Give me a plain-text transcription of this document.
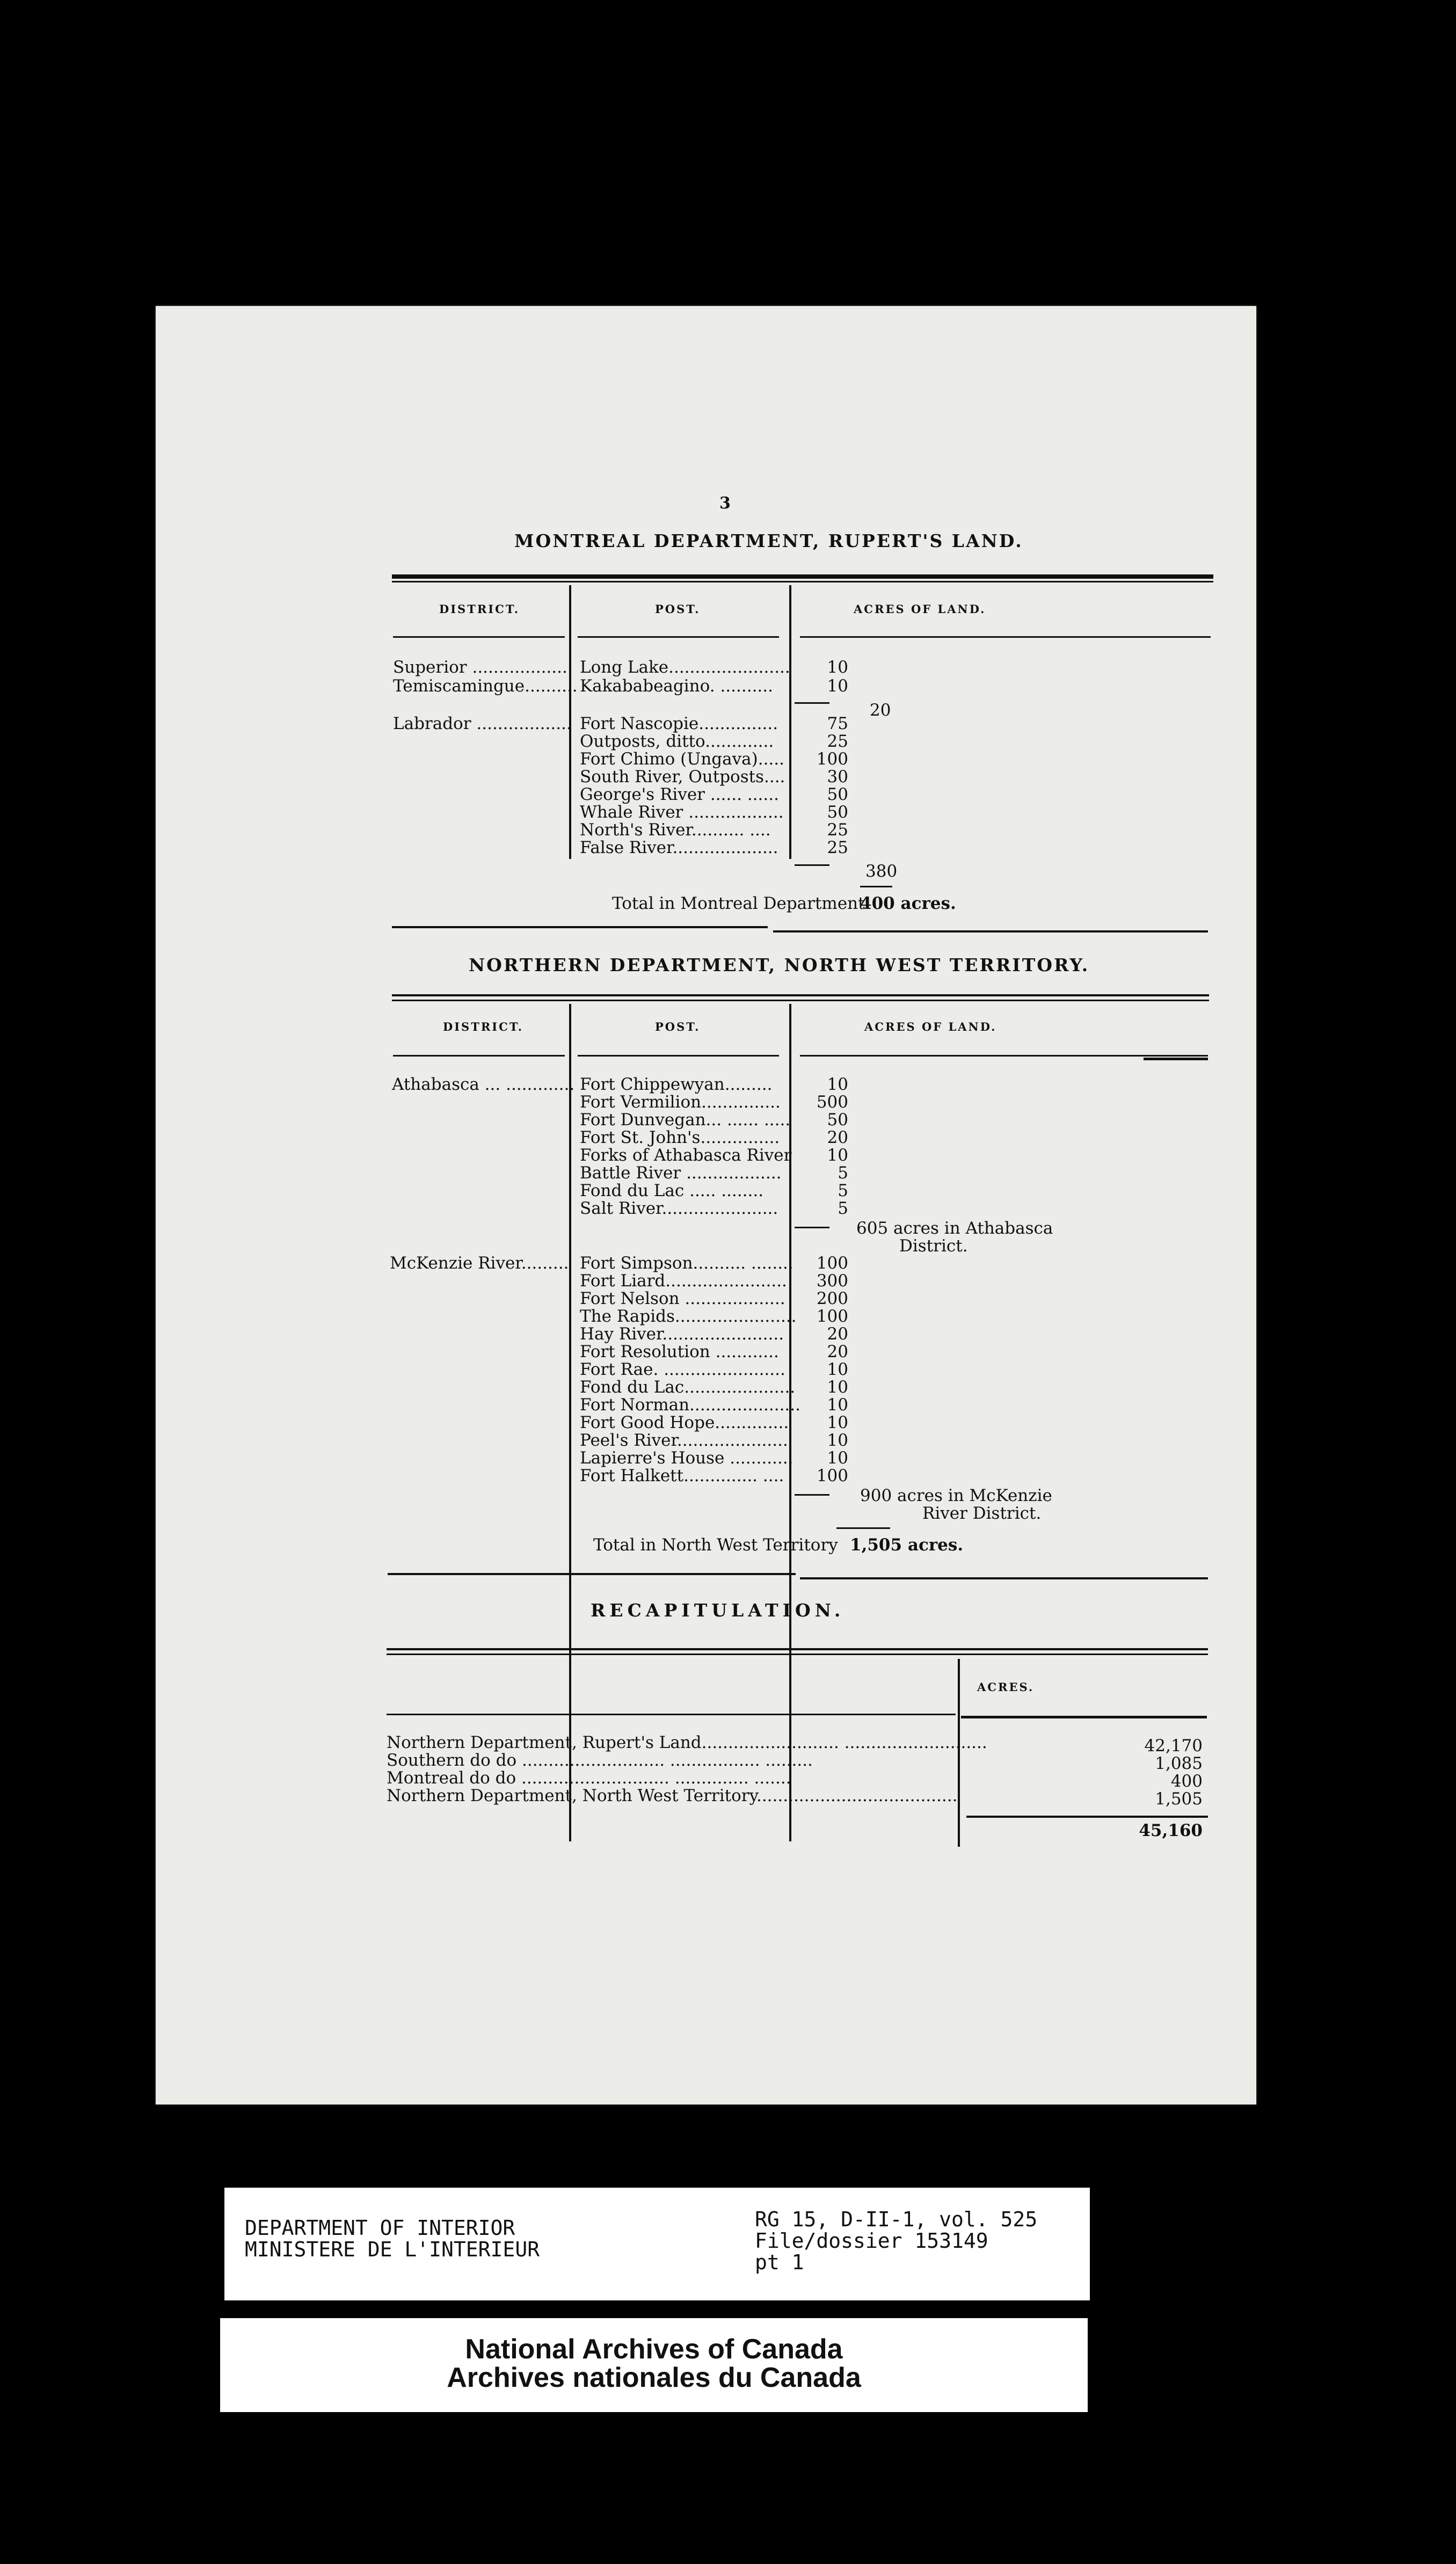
3
MONTREAL DEPARTMENT, RUPERT'S LAND.
DISTRICT.	POST.	ACRES OF LAND.
Superior ................... Long Lake.......................	10
Temiscamingue.......... Kakababeagino. ..........	10
20
Labrador .................. Fort Nascopie...............	75
Outposts, ditto.............	25
Fort Chimo (Ungava).....	100
South River, Outposts....	30
George's River ...... ......	50
Whale River ..................	50
North's River.......... ....	25
False River....................	25
380
Total in Montreal Department
400 acres.
NORTHERN DEPARTMENT, NORTH WEST TERRITORY.
DISTRICT.	POST.	ACRES OF LAND.
Athabasca ... ............. Fort Chippewyan.........	10
Fort Vermilion...............	500
Fort Dunvegan... ...... .....	50
Fort St. John's...............	20
Forks of Athabasca River	10
Battle River ..................	5
Fond du Lac ..... ........	5
Salt River......................	5
605 acres in Athabasca
District.
McKenzie River......... Fort Simpson.......... ........	100
Fort Liard.......................	300
Fort Nelson ...................	200
The Rapids.......................	100
Hay River.......................	20
Fort Resolution ............	20
Fort Rae. .......................	10
Fond du Lac.....................	10
Fort Norman.....................	10
Fort Good Hope..............	10
Peel's River.....................	10
Lapierre's House ............	10
Fort Halkett.............. ....	100
900 acres in McKenzie
River District.
Total in North West Territory 1,505 acres.
RECAPITULATION.
ACRES.
Northern Department, Rupert's Land.......................... ...........................	42,170
Southern do do ........................... ................. .........	1,085
Montreal do do ............................ .............. .......	400
Northern Department, North West Territory......................................	1,505
45,160
DEPARTMENT OF INTERIOR
MINISTERE DE L'INTERIEUR
RG 15, D-II-1, vol. 525
File/dossier 153149
pt 1
National Archives of Canada
Archives nationales du Canada
